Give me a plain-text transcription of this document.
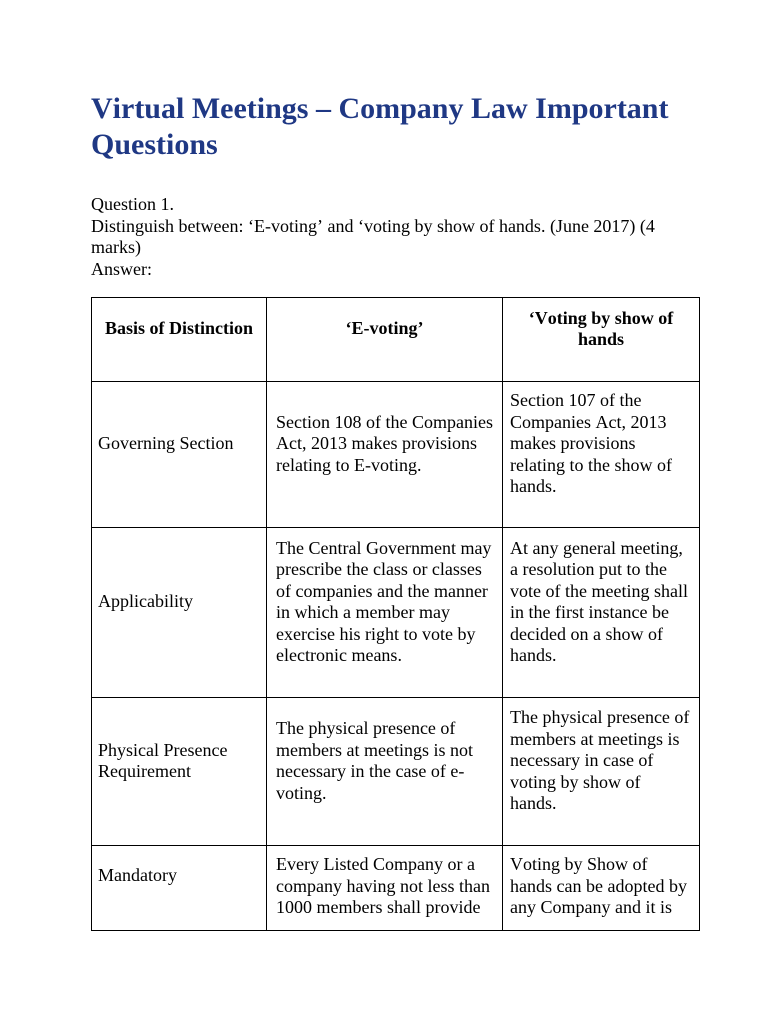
Virtual Meetings – Company Law Important Questions

Question 1.

Distinguish between: ‘E-voting’ and ‘voting by show of hands. (June 2017) (4 marks)

Answer:

Basis of Distinction	‘E-voting’
‘Voting by show of
hands
Governing Section
Section 108 of the Companies
Act, 2013 makes provisions
relating to E-voting.
Section 107 of the
Companies Act, 2013
makes provisions
relating to the show of
hands.
Applicability
The Central Government may
prescribe the class or classes
of companies and the manner
in which a member may
exercise his right to vote by
electronic means.
At any general meeting,
a resolution put to the
vote of the meeting shall
in the first instance be
decided on a show of
hands.
Physical Presence
Requirement
The physical presence of
members at meetings is not
necessary in the case of e-
voting.
The physical presence of
members at meetings is
necessary in case of
voting by show of
hands.
Mandatory
Every Listed Company or a
company having not less than
1000 members shall provide
Voting by Show of
hands can be adopted by
any Company and it is
